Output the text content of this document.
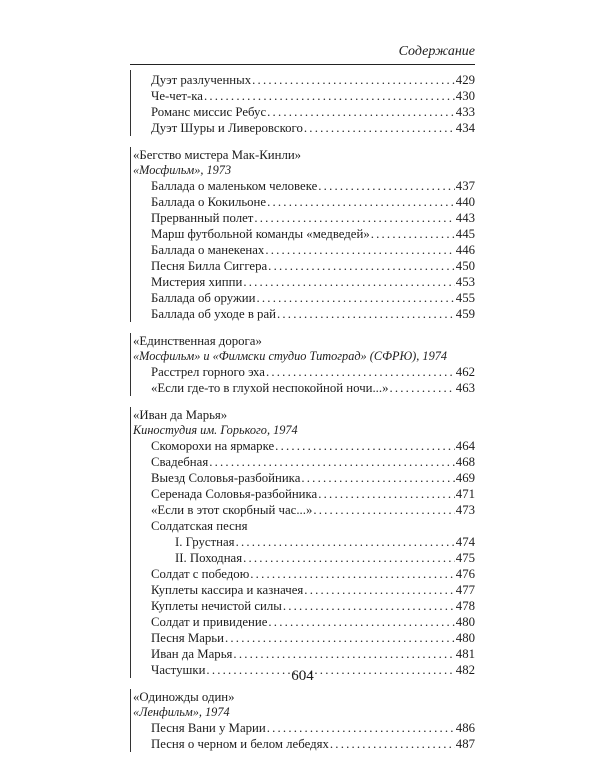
Содержание
Дуэт разлученных . . .	429
Че-чет-ка . . .	430
Романс миссис Ребус . . .	433
Дуэт Шуры и Ливеровского . . .	434
«Бегство мистера Мак-Кинли»
«Мосфильм», 1973
Баллада о маленьком человеке . . .	437
Баллада о Кокильоне . . .	440
Прерванный полет . . .	443
Марш футбольной команды «медведей» . . .	445
Баллада о манекенах . . .	446
Песня Билла Сиггера . . .	450
Мистерия хиппи . . .	453
Баллада об оружии . . .	455
Баллада об уходе в рай . . .	459
«Единственная дорога»
«Мосфильм» и «Филмски студио Титоград» (СФРЮ), 1974
Расстрел горного эха . . .	462
«Если где-то в глухой неспокойной ночи...» . . .	463
«Иван да Марья»
Киностудия им. Горького, 1974
Скоморохи на ярмарке . . .	464
Свадебная . . .	468
Выезд Соловья-разбойника . . .	469
Серенада Соловья-разбойника . . .	471
«Если в этот скорбный час...» . . .	473
Солдатская песня
I. Грустная . . .	474
II. Походная . . .	475
Солдат с победою . . .	476
Куплеты кассира и казначея . . .	477
Куплеты нечистой силы . . .	478
Солдат и привидение . . .	480
Песня Марьи . . .	480
Иван да Марья . . .	481
Частушки . . .	482
«Одиножды один»
«Ленфильм», 1974
Песня Вани у Марии . . .	486
Песня о черном и белом лебедях . . .	487
604
